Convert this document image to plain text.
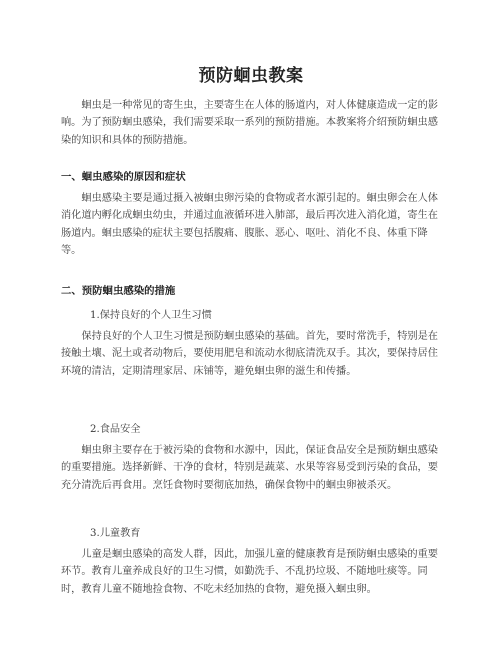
预防蛔虫教案

蛔虫是一种常见的寄生虫，主要寄生在人体的肠道内，对人体健康造成一定的影响。为了预防蛔虫感染，我们需要采取一系列的预防措施。本教案将介绍预防蛔虫感染的知识和具体的预防措施。

一、蛔虫感染的原因和症状

蛔虫感染主要是通过摄入被蛔虫卵污染的食物或者水源引起的。蛔虫卵会在人体消化道内孵化成蛔虫幼虫，并通过血液循环进入肺部，最后再次进入消化道，寄生在肠道内。蛔虫感染的症状主要包括腹痛、腹胀、恶心、呕吐、消化不良、体重下降等。

二、预防蛔虫感染的措施
1.保持良好的个人卫生习惯

保持良好的个人卫生习惯是预防蛔虫感染的基础。首先，要时常洗手，特别是在接触土壤、泥土或者动物后，要使用肥皂和流动水彻底清洗双手。其次，要保持居住环境的清洁，定期清理家居、床铺等，避免蛔虫卵的滋生和传播。

2.食品安全

蛔虫卵主要存在于被污染的食物和水源中，因此，保证食品安全是预防蛔虫感染的重要措施。选择新鲜、干净的食材，特别是蔬菜、水果等容易受到污染的食品，要充分清洗后再食用。烹饪食物时要彻底加热，确保食物中的蛔虫卵被杀灭。

3.儿童教育

儿童是蛔虫感染的高发人群，因此，加强儿童的健康教育是预防蛔虫感染的重要环节。教育儿童养成良好的卫生习惯，如勤洗手、不乱扔垃圾、不随地吐痰等。同时，教育儿童不随地捡食物、不吃未经加热的食物，避免摄入蛔虫卵。
